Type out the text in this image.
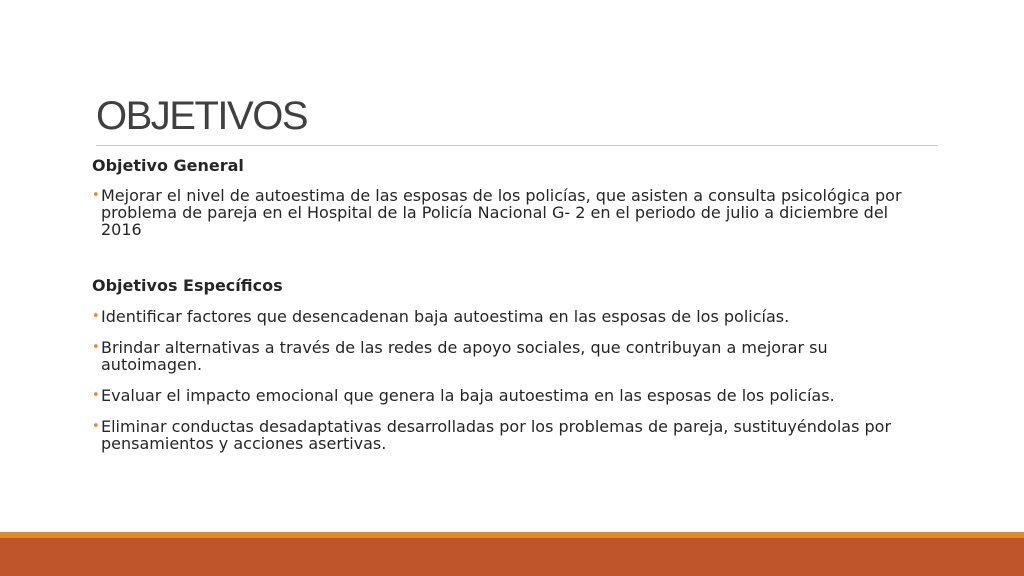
OBJETIVOS

Objetivo General

• Mejorar el nivel de autoestima de las esposas de los policías, que asisten a consulta psicológica por problema de pareja en el Hospital de la Policía Nacional G- 2 en el periodo de julio a diciembre del 2016

Objetivos Específicos

• Identificar factores que desencadenan baja autoestima en las esposas de los policías.

• Brindar alternativas a través de las redes de apoyo sociales, que contribuyan a mejorar su autoimagen.

• Evaluar el impacto emocional que genera la baja autoestima en las esposas de los policías.

• Eliminar conductas desadaptativas desarrolladas por los problemas de pareja, sustituyéndolas por pensamientos y acciones asertivas.
